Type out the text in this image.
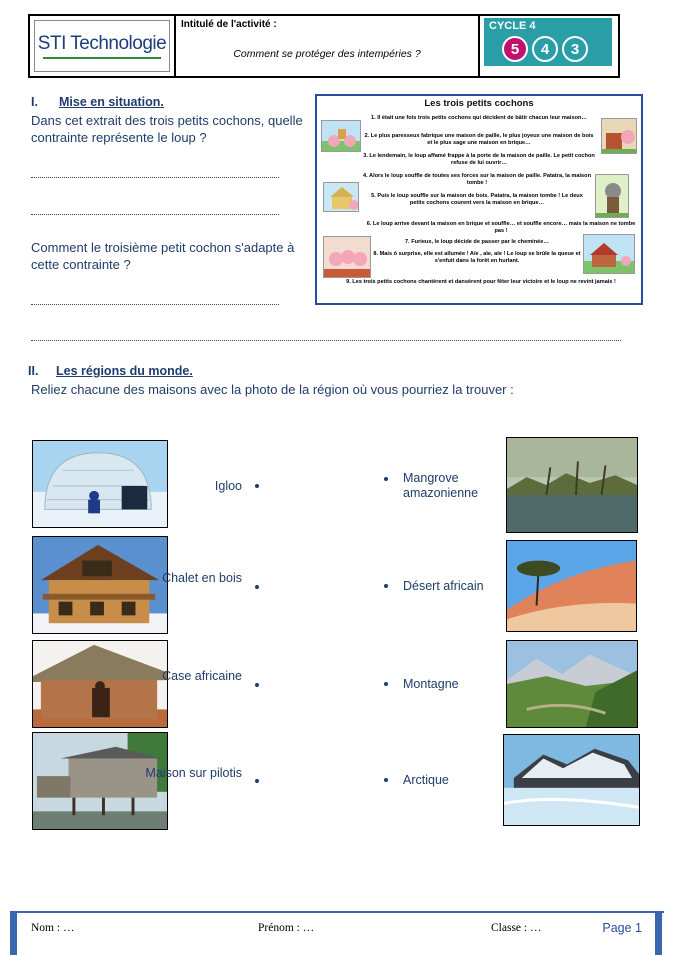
STI Technologie
Intitulé de l'activité :
Comment se protéger des intempéries ?
CYCLE 4
5	4	3
I. Mise en situation.
Dans cet extrait des trois petits cochons, quelle contrainte représente le loup ?
Comment le troisième petit cochon s'adapte à cette contrainte ?
Les trois petits cochons
1. Il était une fois trois petits cochons qui décident de bâtir chacun leur maison…
2. Le plus paresseux fabrique une maison de paille, le plus joyeux une maison de bois et le plus sage une maison en brique…
3. Le lendemain, le loup affamé frappe à la porte de la maison de paille. Le petit cochon refuse de lui ouvrir…
4. Alors le loup souffle de toutes ses forces sur la maison de paille. Patatra, la maison tombe !
5. Puis le loup souffle sur la maison de bois. Patatra, la maison tombe ! Le deux petits cochons courent vers la maison en brique…
6. Le loup arrive devant la maison en brique et souffle… et souffle encore… mais la maison ne tombe pas !
7. Furieux, le loup décide de passer par le cheminée…
8. Mais ô surprise, elle est allumée ! Aïe , aïe, aïe ! Le loup se brûle la queue et s'enfuit dans la forêt en hurlant.
9. Les trois petits cochons chantèrent et dansèrent pour fêter leur victoire et le loup ne revint jamais !
II. Les régions du monde.
Reliez chacune des maisons avec la photo de la région où vous pourriez la trouver :
Igloo
Chalet en bois
Case africaine
Maison sur pilotis
Mangrove amazonienne
Désert africain
Montagne
Arctique
Nom : …	Prénom : …	Classe : …	Page 1
